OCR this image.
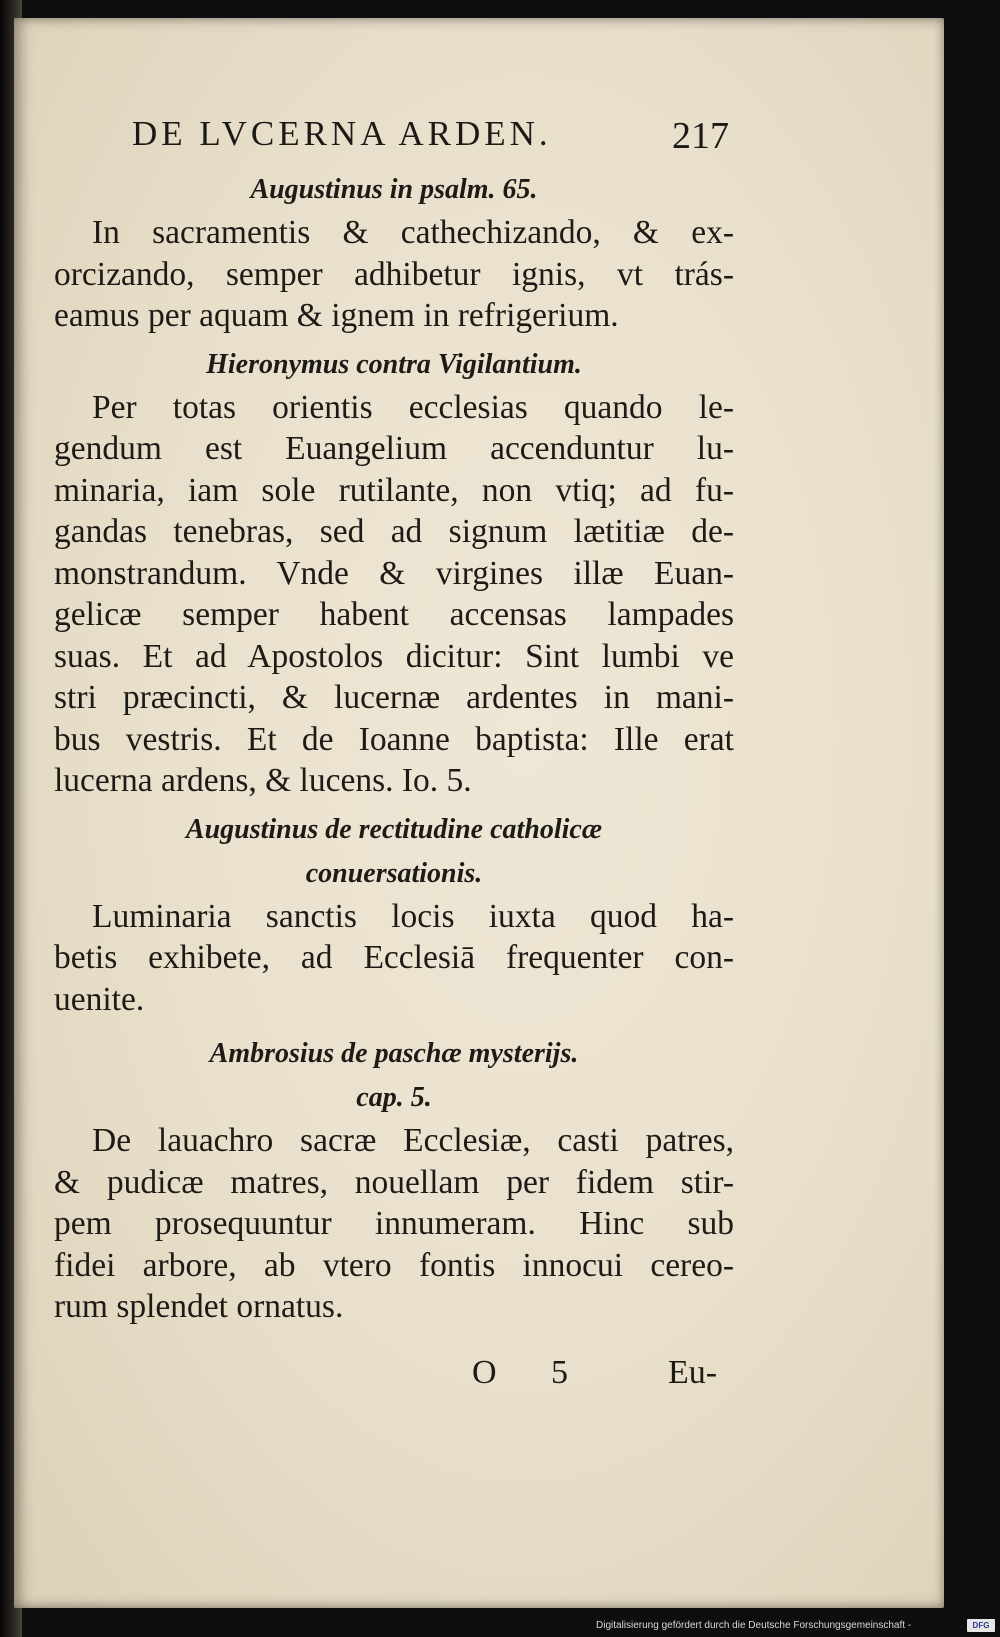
DE LVCERNA ARDEN.	217
Augustinus in psalm. 65.
In sacramentis & cathechizando, & ex-
orcizando, semper adhibetur ignis, vt trás-
eamus per aquam & ignem in refrigerium.
Hieronymus contra Vigilantium.
Per totas orientis ecclesias quando le-
gendum est Euangelium accenduntur lu-
minaria, iam sole rutilante, non vtiq; ad fu-
gandas tenebras, sed ad signum lætitiæ de-
monstrandum. Vnde & virgines illæ Euan-
gelicæ semper habent accensas lampades
suas. Et ad Apostolos dicitur: Sint lumbi ve
stri præcincti, & lucernæ ardentes in mani-
bus vestris. Et de Ioanne baptista: Ille erat
lucerna ardens, & lucens. Io. 5.
Augustinus de rectitudine catholicæ
conuersationis.
Luminaria sanctis locis iuxta quod ha-
betis exhibete, ad Ecclesiā frequenter con-
uenite.
Ambrosius de paschæ mysterijs.
cap. 5.
De lauachro sacræ Ecclesiæ, casti patres,
& pudicæ matres, nouellam per fidem stir-
pem prosequuntur innumeram. Hinc sub
fidei arbore, ab vtero fontis innocui cereo-
rum splendet ornatus.
O 5	Eu-
Digitalisierung gefördert durch die Deutsche Forschungsgemeinschaft -	DFG
